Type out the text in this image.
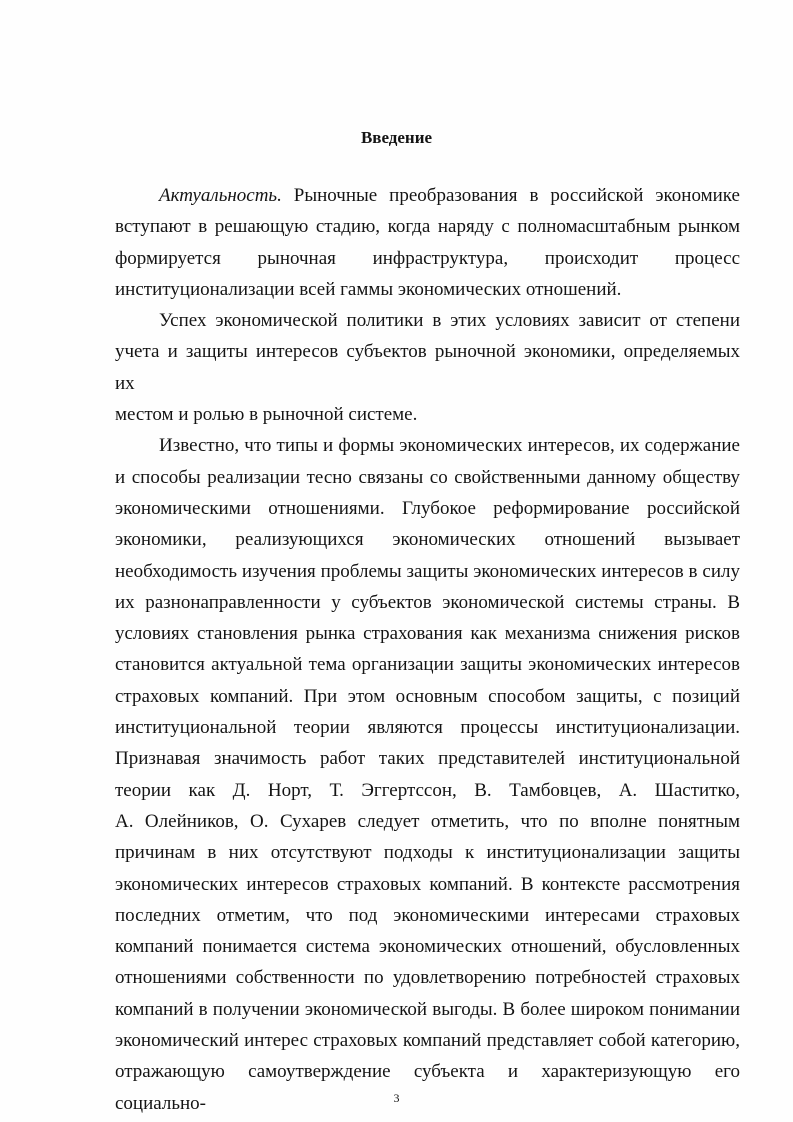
Введение
Актуальность. Рыночные преобразования в российской экономике
вступают в решающую стадию, когда наряду с полномасштабным рынком
формируется рыночная инфраструктура, происходит процесс
институционализации всей гаммы экономических отношений.
Успех экономической политики в этих условиях зависит от степени
учета и защиты интересов субъектов рыночной экономики, определяемых их
местом и ролью в рыночной системе.
Известно, что типы и формы экономических интересов, их содержание
и способы реализации тесно связаны со свойственными данному обществу
экономическими отношениями. Глубокое реформирование российской
экономики, реализующихся экономических отношений вызывает
необходимость изучения проблемы защиты экономических интересов в силу
их разнонаправленности у субъектов экономической системы страны. В
условиях становления рынка страхования как механизма снижения рисков
становится актуальной тема организации защиты экономических интересов
страховых компаний. При этом основным способом защиты, с позиций
институциональной теории являются процессы институционализации.
Признавая значимость работ таких представителей институциональной
теории как Д. Норт, Т. Эггертссон, В. Тамбовцев, А. Шаститко,
А. Олейников, О. Сухарев следует отметить, что по вполне понятным
причинам в них отсутствуют подходы к институционализации защиты
экономических интересов страховых компаний. В контексте рассмотрения
последних отметим, что под экономическими интересами страховых
компаний понимается система экономических отношений, обусловленных
отношениями собственности по удовлетворению потребностей страховых
компаний в получении экономической выгоды. В более широком понимании
экономический интерес страховых компаний представляет собой категорию,
отражающую самоутверждение субъекта и характеризующую его социально-	3
